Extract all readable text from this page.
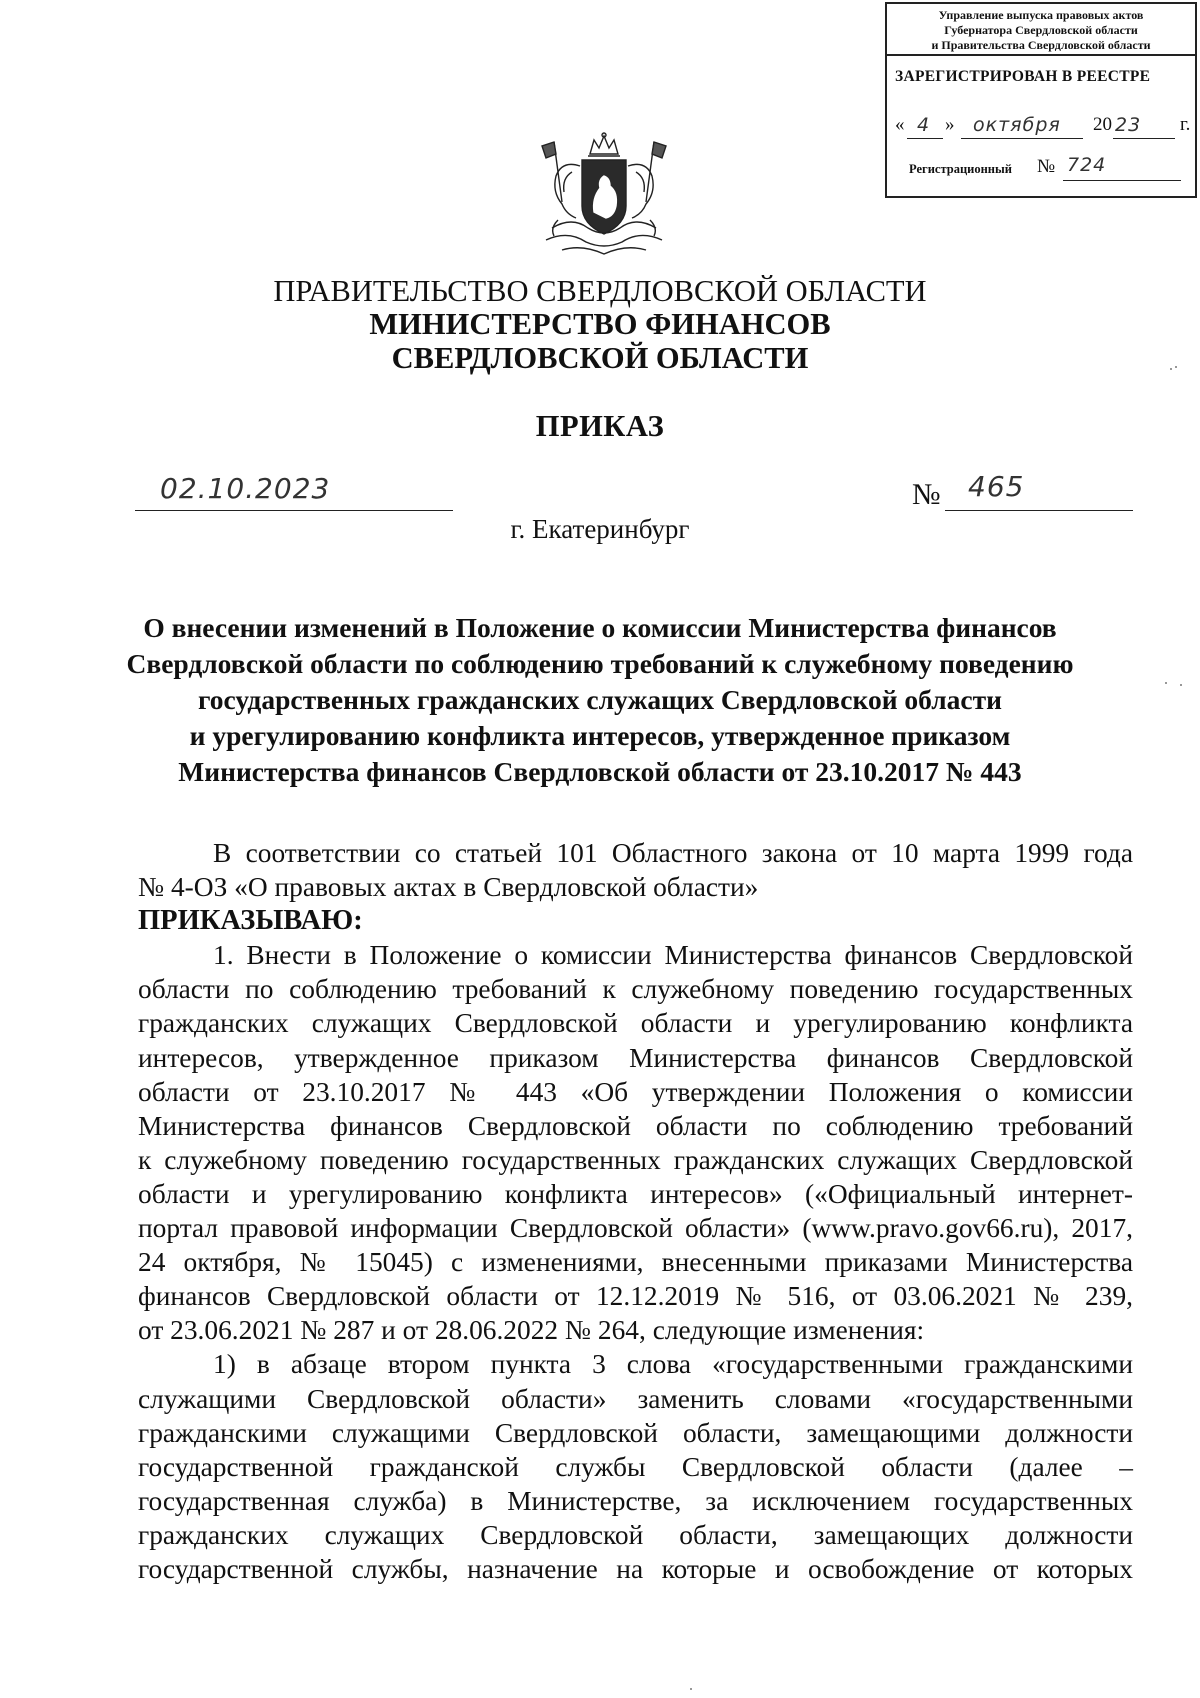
Управление выпуска правовых актов
Губернатора Свердловской области
и Правительства Свердловской области
ЗАРЕГИСТРИРОВАН В РЕЕСТРЕ
« 4 » октября 20 23 г.
Регистрационный № 724
ПРАВИТЕЛЬСТВО СВЕРДЛОВСКОЙ ОБЛАСТИ
МИНИСТЕРСТВО ФИНАНСОВ
СВЕРДЛОВСКОЙ ОБЛАСТИ
ПРИКАЗ
02.10.2023	№ 465
г. Екатеринбург
О внесении изменений в Положение о комиссии Министерства финансов
Свердловской области по соблюдению требований к служебному поведению
государственных гражданских служащих Свердловской области
и урегулированию конфликта интересов, утвержденное приказом
Министерства финансов Свердловской области от 23.10.2017 № 443
В соответствии со статьей 101 Областного закона от 10 марта 1999 года
№ 4-ОЗ «О правовых актах в Свердловской области»
ПРИКАЗЫВАЮ:
1. Внести в Положение о комиссии Министерства финансов Свердловской
области по соблюдению требований к служебному поведению государственных
гражданских служащих Свердловской области и урегулированию конфликта
интересов, утвержденное приказом Министерства финансов Свердловской
области от 23.10.2017 № 443 «Об утверждении Положения о комиссии
Министерства финансов Свердловской области по соблюдению требований
к служебному поведению государственных гражданских служащих Свердловской
области и урегулированию конфликта интересов» («Официальный интернет-
портал правовой информации Свердловской области» (www.pravo.gov66.ru), 2017,
24 октября, № 15045) с изменениями, внесенными приказами Министерства
финансов Свердловской области от 12.12.2019 № 516, от 03.06.2021 № 239,
от 23.06.2021 № 287 и от 28.06.2022 № 264, следующие изменения:
1) в абзаце втором пункта 3 слова «государственными гражданскими
служащими Свердловской области» заменить словами «государственными
гражданскими служащими Свердловской области, замещающими должности
государственной гражданской службы Свердловской области (далее –
государственная служба) в Министерстве, за исключением государственных
гражданских служащих Свердловской области, замещающих должности
государственной службы, назначение на которые и освобождение от которых
